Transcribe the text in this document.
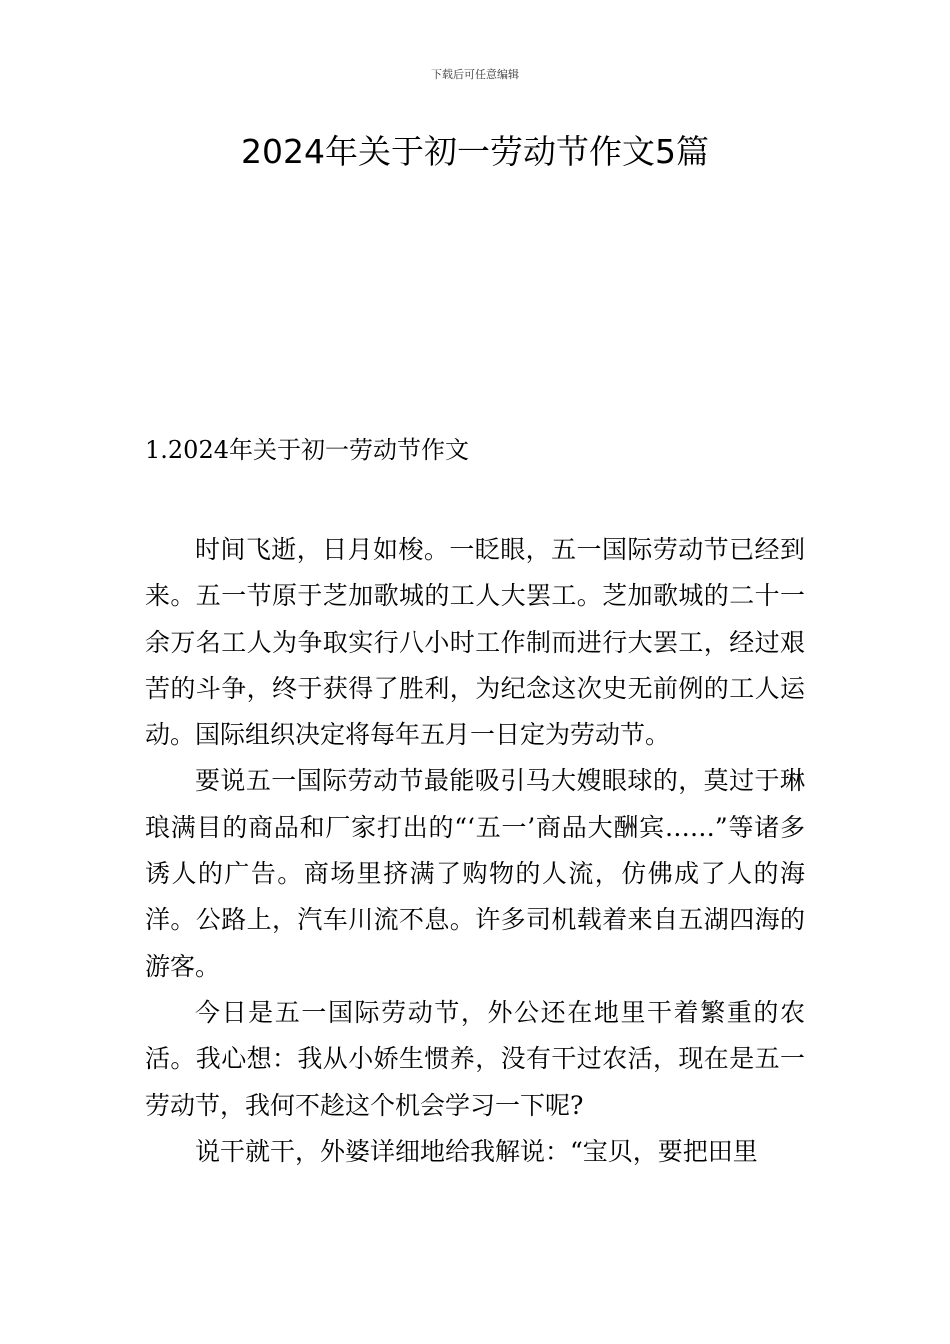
下载后可任意编辑
2024年关于初一劳动节作文5篇
1.2024年关于初一劳动节作文

时间飞逝，日月如梭。一眨眼，五一国际劳动节已经到来。五一节原于芝加歌城的工人大罢工。芝加歌城的二十一余万名工人为争取实行八小时工作制而进行大罢工，经过艰苦的斗争，终于获得了胜利，为纪念这次史无前例的工人运动。国际组织决定将每年五月一日定为劳动节。

要说五一国际劳动节最能吸引马大嫂眼球的，莫过于琳琅满目的商品和厂家打出的“‘五一’商品大酬宾……”等诸多诱人的广告。商场里挤满了购物的人流，仿佛成了人的海洋。公路上，汽车川流不息。许多司机载着来自五湖四海的游客。

今日是五一国际劳动节，外公还在地里干着繁重的农活。我心想：我从小娇生惯养，没有干过农活，现在是五一劳动节，我何不趁这个机会学习一下呢?

说干就干，外婆详细地给我解说：“宝贝，要把田里
